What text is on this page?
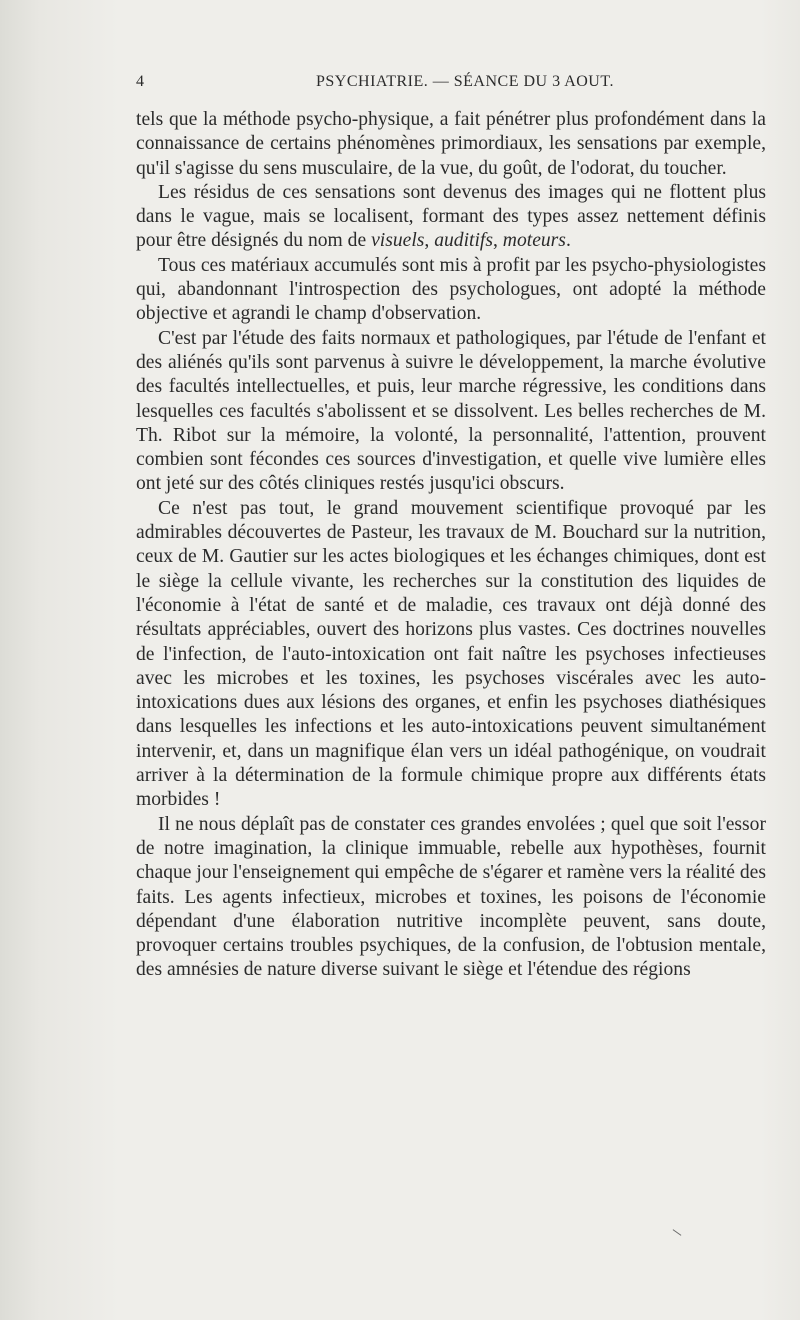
4	PSYCHIATRIE. — SÉANCE DU 3 AOUT.

tels que la méthode psycho-physique, a fait pénétrer plus profondément dans la connaissance de certains phénomènes primordiaux, les sensations par exemple, qu'il s'agisse du sens musculaire, de la vue, du goût, de l'odorat, du toucher.

Les résidus de ces sensations sont devenus des images qui ne flottent plus dans le vague, mais se localisent, formant des types assez nettement définis pour être désignés du nom de visuels, auditifs, moteurs.

Tous ces matériaux accumulés sont mis à profit par les psycho-physiologistes qui, abandonnant l'introspection des psychologues, ont adopté la méthode objective et agrandi le champ d'observation.

C'est par l'étude des faits normaux et pathologiques, par l'étude de l'enfant et des aliénés qu'ils sont parvenus à suivre le développement, la marche évolutive des facultés intellectuelles, et puis, leur marche régressive, les conditions dans lesquelles ces facultés s'abolissent et se dissolvent. Les belles recherches de M. Th. Ribot sur la mémoire, la volonté, la personnalité, l'attention, prouvent combien sont fécondes ces sources d'investigation, et quelle vive lumière elles ont jeté sur des côtés cliniques restés jusqu'ici obscurs.

Ce n'est pas tout, le grand mouvement scientifique provoqué par les admirables découvertes de Pasteur, les travaux de M. Bouchard sur la nutrition, ceux de M. Gautier sur les actes biologiques et les échanges chimiques, dont est le siège la cellule vivante, les recherches sur la constitution des liquides de l'économie à l'état de santé et de maladie, ces travaux ont déjà donné des résultats appréciables, ouvert des horizons plus vastes. Ces doctrines nouvelles de l'infection, de l'auto-intoxication ont fait naître les psychoses infectieuses avec les microbes et les toxines, les psychoses viscérales avec les auto-intoxications dues aux lésions des organes, et enfin les psychoses diathésiques dans lesquelles les infections et les auto-intoxications peuvent simultanément intervenir, et, dans un magnifique élan vers un idéal pathogénique, on voudrait arriver à la détermination de la formule chimique propre aux différents états morbides !

Il ne nous déplaît pas de constater ces grandes envolées ; quel que soit l'essor de notre imagination, la clinique immuable, rebelle aux hypothèses, fournit chaque jour l'enseignement qui empêche de s'égarer et ramène vers la réalité des faits. Les agents infectieux, microbes et toxines, les poisons de l'économie dépendant d'une élaboration nutritive incomplète peuvent, sans doute, provoquer certains troubles psychiques, de la confusion, de l'obtusion mentale, des amnésies de nature diverse suivant le siège et l'étendue des régions
